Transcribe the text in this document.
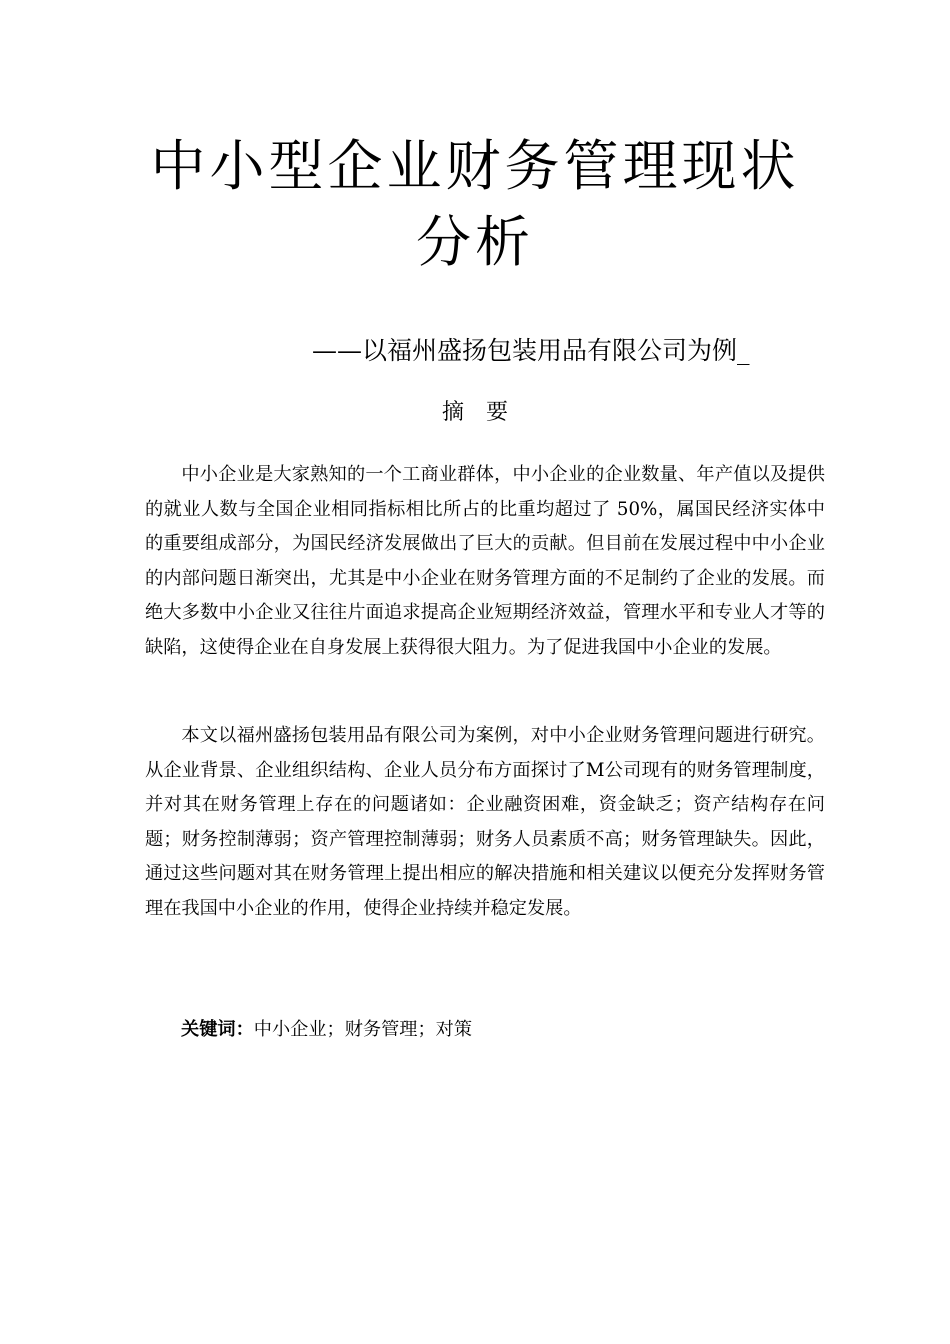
中小型企业财务管理现状
分析
——以福州盛扬包装用品有限公司为例_
摘要

中小企业是大家熟知的一个工商业群体，中小企业的企业数量、年产值以及提供的就业人数与全国企业相同指标相比所占的比重均超过了 50%，属国民经济实体中的重要组成部分，为国民经济发展做出了巨大的贡献。但目前在发展过程中中小企业的内部问题日渐突出，尤其是中小企业在财务管理方面的不足制约了企业的发展。而绝大多数中小企业又往往片面追求提高企业短期经济效益，管理水平和专业人才等的缺陷，这使得企业在自身发展上获得很大阻力。为了促进我国中小企业的发展。

本文以福州盛扬包装用品有限公司为案例，对中小企业财务管理问题进行研究。从企业背景、企业组织结构、企业人员分布方面探讨了M公司现有的财务管理制度，并对其在财务管理上存在的问题诸如：企业融资困难，资金缺乏；资产结构存在问题；财务控制薄弱；资产管理控制薄弱；财务人员素质不高；财务管理缺失。因此，通过这些问题对其在财务管理上提出相应的解决措施和相关建议以便充分发挥财务管理在我国中小企业的作用，使得企业持续并稳定发展。

关键词：中小企业；财务管理；对策
